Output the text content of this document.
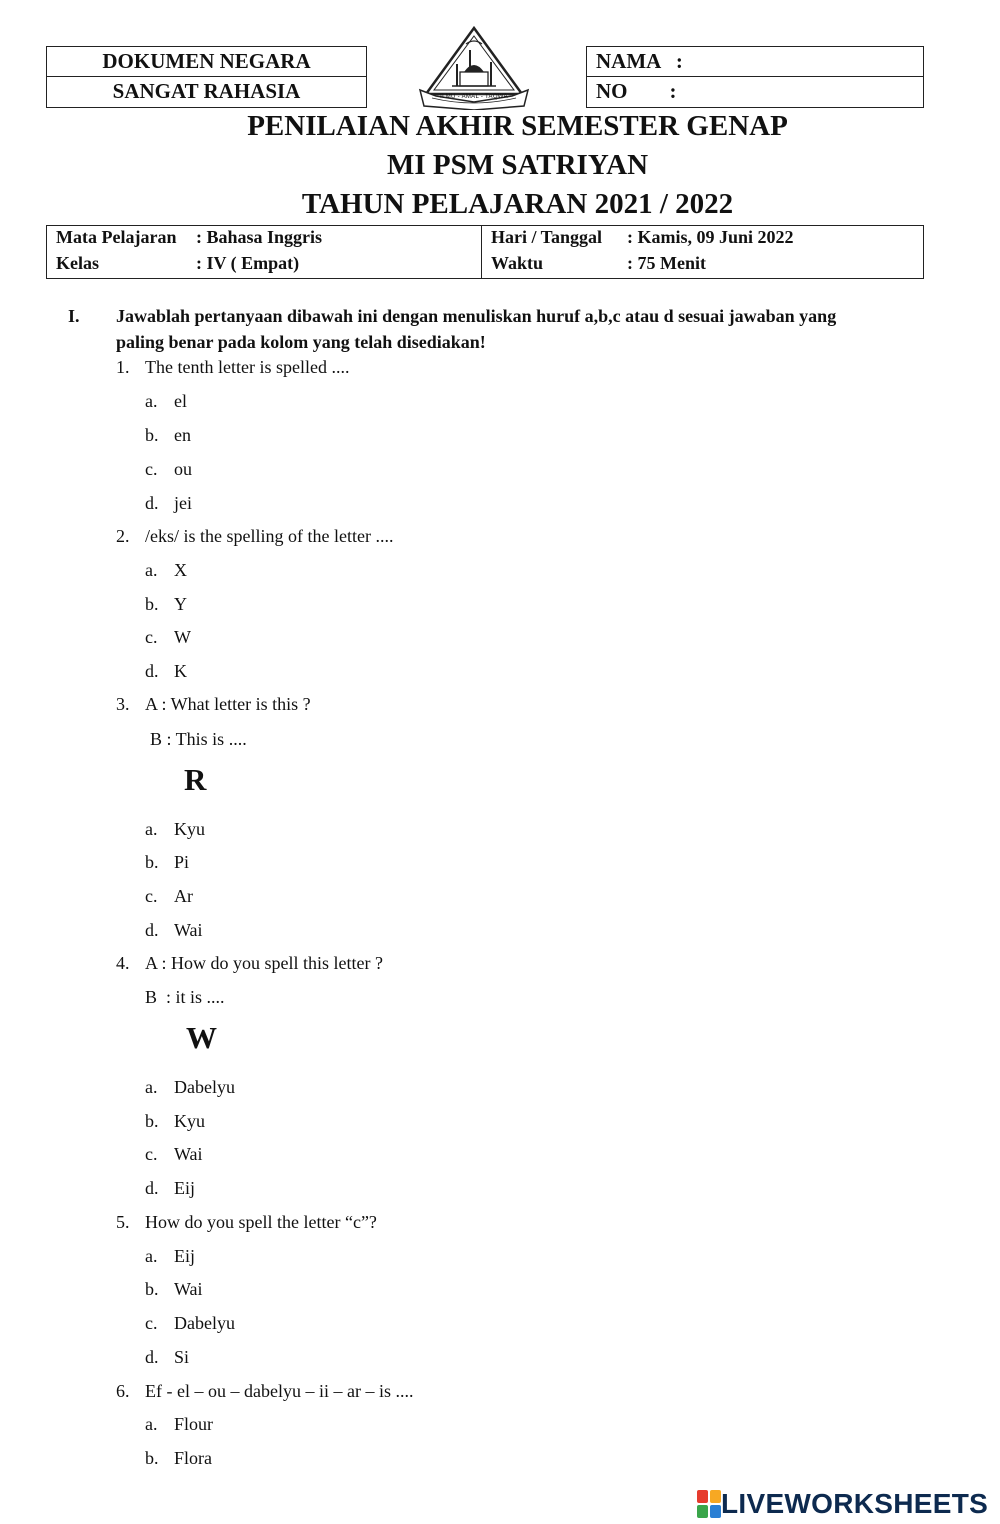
DOKUMEN NEGARA
SANGAT RAHASIA
NAMA   :
NO        :
ILMU - AMAL - TAQWA
PENILAIAN AKHIR SEMESTER GENAP
MI PSM SATRIYAN
TAHUN PELAJARAN 2021 / 2022
Mata Pelajaran : Bahasa Inggris
Kelas	: IV ( Empat)
Hari / Tanggal : Kamis, 09 Juni 2022
Waktu	: 75 Menit
I. Jawablah pertanyaan dibawah ini dengan menuliskan huruf a,b,c atau d sesuai jawaban yang
paling benar pada kolom yang telah disediakan!
1. The tenth letter is spelled ....
a. el
b. en
c. ou
d. jei
2. /eks/ is the spelling of the letter ....
a. X
b. Y
c. W
d. K
3. A : What letter is this ?
B : This is ....
R
a. Kyu
b. Pi
c. Ar
d. Wai
4. A : How do you spell this letter ?
B  : it is ....
W
a. Dabelyu
b. Kyu
c. Wai
d. Eij
5. How do you spell the letter “c”?
a. Eij
b. Wai
c. Dabelyu
d. Si
6. Ef - el – ou – dabelyu – ii – ar – is ....
a. Flour
b. Flora
LIVEWORKSHEETS
